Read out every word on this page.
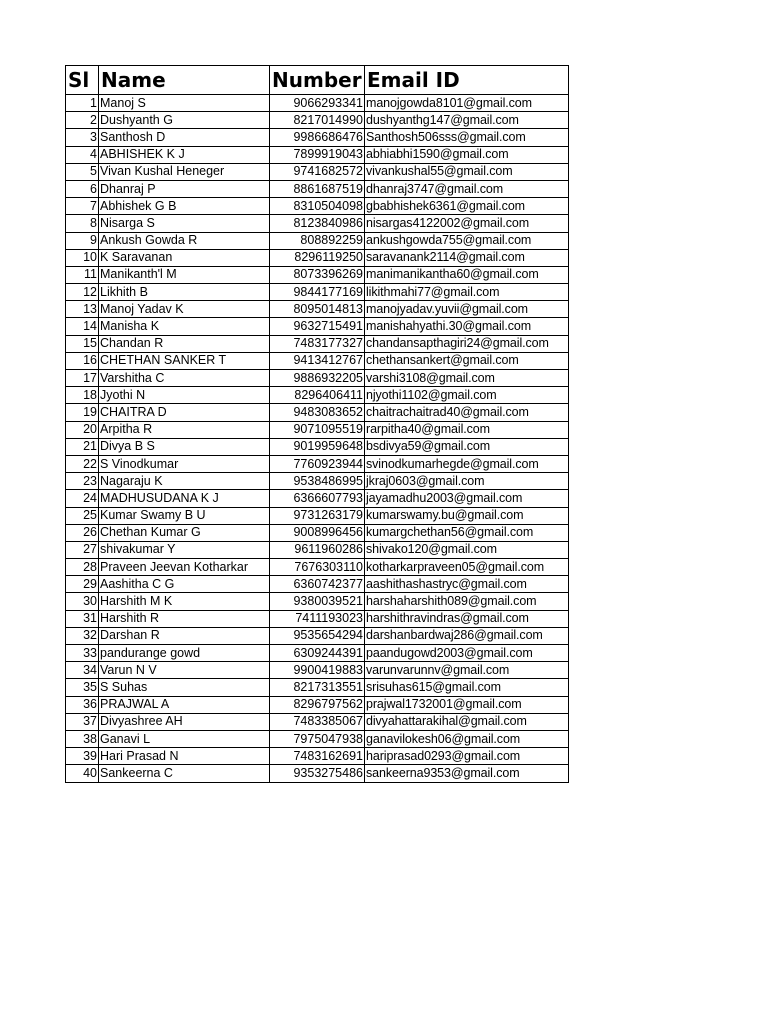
Sl	Name	Number	Email ID
1	Manoj S	9066293341	manojgowda8101@gmail.com
2	Dushyanth G	8217014990	dushyanthg147@gmail.com
3	Santhosh D	9986686476	Santhosh506sss@gmail.com
4	ABHISHEK K J	7899919043	abhiabhi1590@gmail.com
5	Vivan Kushal Heneger	9741682572	vivankushal55@gmail.com
6	Dhanraj P	8861687519	dhanraj3747@gmail.com
7	Abhishek G B	8310504098	gbabhishek6361@gmail.com
8	Nisarga S	8123840986	nisargas4122002@gmail.com
9	Ankush Gowda R	808892259	ankushgowda755@gmail.com
10	K Saravanan	8296119250	saravanank2114@gmail.com
11	Manikanth'l M	8073396269	manimanikantha60@gmail.com
12	Likhith B	9844177169	likithmahi77@gmail.com
13	Manoj Yadav K	8095014813	manojyadav.yuvii@gmail.com
14	Manisha K	9632715491	manishahyathi.30@gmail.com
15	Chandan R	7483177327	chandansapthagiri24@gmail.com
16	CHETHAN SANKER T	9413412767	chethansankert@gmail.com
17	Varshitha C	9886932205	varshi3108@gmail.com
18	Jyothi N	8296406411	njyothi1102@gmail.com
19	CHAITRA D	9483083652	chaitrachaitrad40@gmail.com
20	Arpitha R	9071095519	rarpitha40@gmail.com
21	Divya B S	9019959648	bsdivya59@gmail.com
22	S Vinodkumar	7760923944	svinodkumarhegde@gmail.com
23	Nagaraju K	9538486995	jkraj0603@gmail.com
24	MADHUSUDANA K J	6366607793	jayamadhu2003@gmail.com
25	Kumar Swamy B U	9731263179	kumarswamy.bu@gmail.com
26	Chethan Kumar G	9008996456	kumargchethan56@gmail.com
27	shivakumar Y	9611960286	shivako120@gmail.com
28	Praveen Jeevan Kotharkar	7676303110	kotharkarpraveen05@gmail.com
29	Aashitha C G	6360742377	aashithashastryc@gmail.com
30	Harshith M K	9380039521	harshaharshith089@gmail.com
31	Harshith R	7411193023	harshithravindras@gmail.com
32	Darshan R	9535654294	darshanbardwaj286@gmail.com
33	pandurange gowd	6309244391	paandugowd2003@gmail.com
34	Varun N V	9900419883	varunvarunnv@gmail.com
35	S Suhas	8217313551	srisuhas615@gmail.com
36	PRAJWAL A	8296797562	prajwal1732001@gmail.com
37	Divyashree AH	7483385067	divyahattarakihal@gmail.com
38	Ganavi L	7975047938	ganavilokesh06@gmail.com
39	Hari Prasad N	7483162691	hariprasad0293@gmail.com
40	Sankeerna C	9353275486	sankeerna9353@gmail.com
